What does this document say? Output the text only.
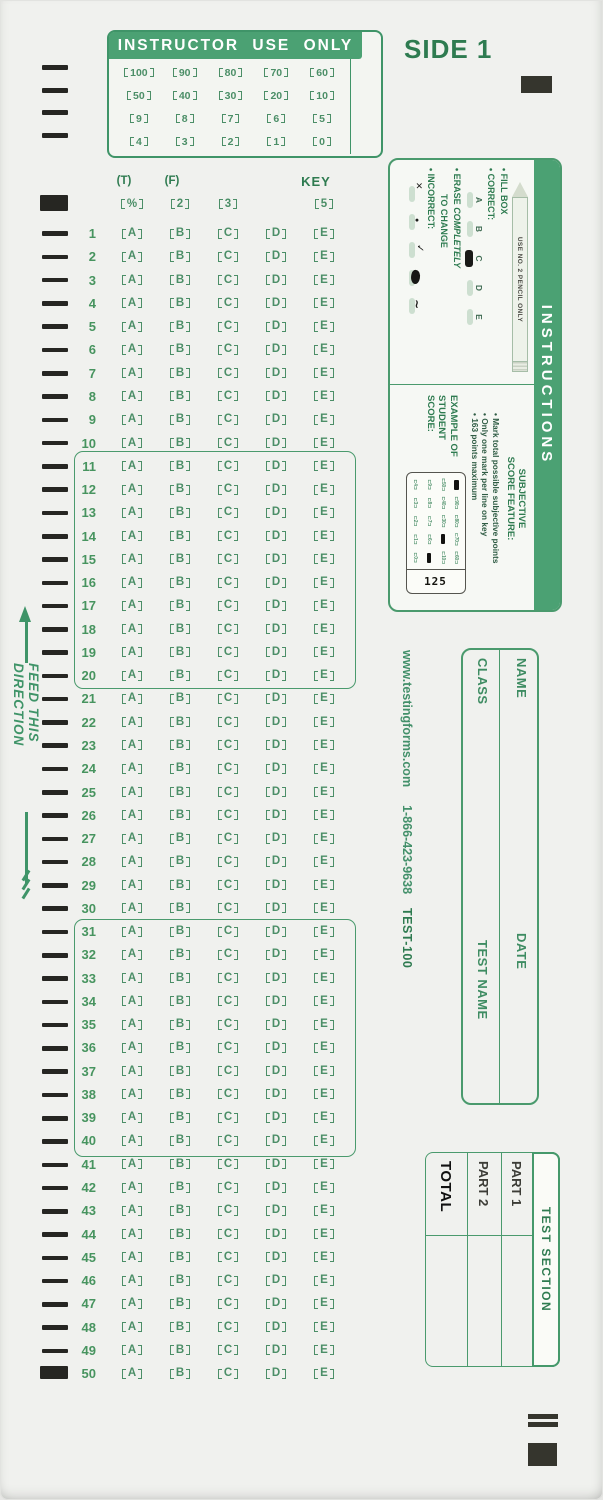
FEED THIS DIRECTION
INSTRUCTOR USE ONLY
100	90	80	70	60
50	40	30	20	10
9	8	7	6	5
4	3	2	1	0
SIDE 1
(T)	(F)	KEY
%	2	3	5
1	A	B	C	D	E
2	A	B	C	D	E
3	A	B	C	D	E
4	A	B	C	D	E
5	A	B	C	D	E
6	A	B	C	D	E
7	A	B	C	D	E
8	A	B	C	D	E
9	A	B	C	D	E
10	A	B	C	D	E
11	A	B	C	D	E
12	A	B	C	D	E
13	A	B	C	D	E
14	A	B	C	D	E
15	A	B	C	D	E
16	A	B	C	D	E
17	A	B	C	D	E
18	A	B	C	D	E
19	A	B	C	D	E
20	A	B	C	D	E
21	A	B	C	D	E
22	A	B	C	D	E
23	A	B	C	D	E
24	A	B	C	D	E
25	A	B	C	D	E
26	A	B	C	D	E
27	A	B	C	D	E
28	A	B	C	D	E
29	A	B	C	D	E
30	A	B	C	D	E
31	A	B	C	D	E
32	A	B	C	D	E
33	A	B	C	D	E
34	A	B	C	D	E
35	A	B	C	D	E
36	A	B	C	D	E
37	A	B	C	D	E
38	A	B	C	D	E
39	A	B	C	D	E
40	A	B	C	D	E
41	A	B	C	D	E
42	A	B	C	D	E
43	A	B	C	D	E
44	A	B	C	D	E
45	A	B	C	D	E
46	A	B	C	D	E
47	A	B	C	D	E
48	A	B	C	D	E
49	A	B	C	D	E
50	A	B	C	D	E
INSTRUCTIONS
USE NO. 2 PENCIL ONLY
• FILL BOX
• CORRECT:
A
B
C
D
E
• ERASE COMPLETELY
TO CHANGE
• INCORRECT:
✕
●
✓
∼
SUBJECTIVE
SCORE FEATURE:
• Mark total possible subjective points
• Only one mark per line on key
• 163 points maximum
EXAMPLE OF
STUDENT
SCORE:
⊏90⊐
⊏80⊐
⊏70⊐
⊏60⊐
⊏50⊐
⊏40⊐
⊏30⊐
⊏10⊐
⊏9⊐
⊏8⊐
⊏7⊐
⊏6⊐
⊏4⊐
⊏3⊐
⊏2⊐
⊏1⊐
⊏0⊐
125
www.testingforms.com
1-866-423-9638
TEST-100
NAME
DATE
CLASS
TEST NAME
TEST SECTION
PART 1
PART 2
TOTAL
